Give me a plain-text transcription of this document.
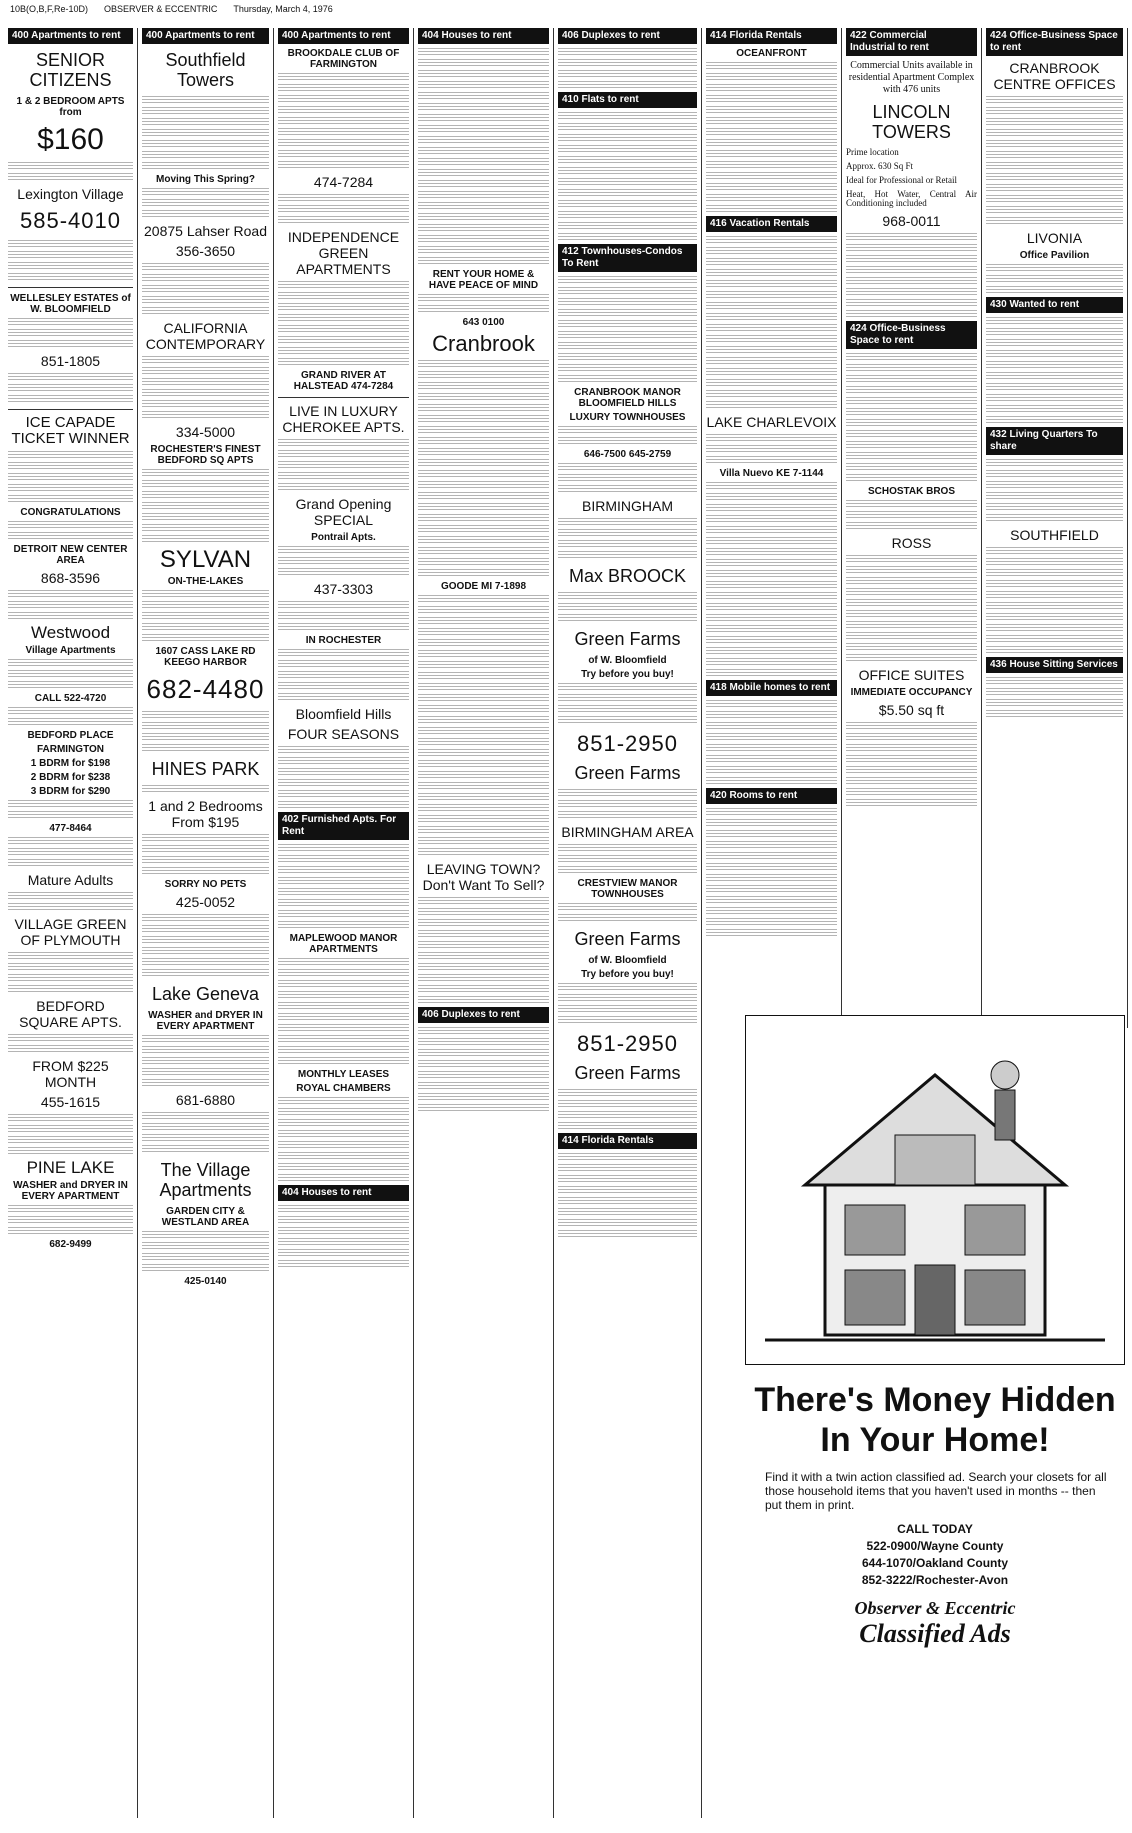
10B(O,B,F,Re-10D) OBSERVER & ECCENTRIC Thursday, March 4, 1976
400 Apartments to rent
SENIOR CITIZENS
1 & 2 BEDROOM APTS from
$160
Lexington Village
585-4010
WELLESLEY ESTATES of W. BLOOMFIELD
851-1805
ICE CAPADE TICKET WINNER
CONGRATULATIONS
DETROIT NEW CENTER AREA
868-3596
Westwood
Village Apartments
CALL 522-4720
BEDFORD PLACE
FARMINGTON
1 BDRM for $198
2 BDRM for $238
3 BDRM for $290
477-8464
Mature Adults
VILLAGE GREEN OF PLYMOUTH
BEDFORD SQUARE APTS.
FROM $225 MONTH
455-1615
PINE LAKE
WASHER and DRYER IN EVERY APARTMENT
682-9499
400 Apartments to rent
Southfield Towers
Moving This Spring?
20875 Lahser Road
356-3650
CALIFORNIA CONTEMPORARY
334-5000
ROCHESTER'S FINEST BEDFORD SQ APTS
SYLVAN
ON-THE-LAKES
1607 CASS LAKE RD KEEGO HARBOR
682-4480
HINES PARK
1 and 2 Bedrooms From $195
SORRY NO PETS
425-0052
Lake Geneva
WASHER and DRYER IN EVERY APARTMENT
681-6880
The Village Apartments
GARDEN CITY & WESTLAND AREA
425-0140
400 Apartments to rent
BROOKDALE CLUB OF FARMINGTON
474-7284
INDEPENDENCE GREEN APARTMENTS
GRAND RIVER AT HALSTEAD 474-7284
LIVE IN LUXURY CHEROKEE APTS.
Grand Opening SPECIAL
Pontrail Apts.
437-3303
IN ROCHESTER
Bloomfield Hills
FOUR SEASONS
402 Furnished Apts. For Rent
MAPLEWOOD MANOR APARTMENTS
MONTHLY LEASES
ROYAL CHAMBERS
404 Houses to rent
404 Houses to rent
RENT YOUR HOME & HAVE PEACE OF MIND
643 0100
Cranbrook
GOODE MI 7-1898
LEAVING TOWN? Don't Want To Sell?
406 Duplexes to rent
406 Duplexes to rent
410 Flats to rent
412 Townhouses-Condos To Rent
CRANBROOK MANOR BLOOMFIELD HILLS
LUXURY TOWNHOUSES
646-7500 645-2759
BIRMINGHAM
Max BROOCK
Green Farms
of W. Bloomfield
Try before you buy!
851-2950
Green Farms
BIRMINGHAM AREA
CRESTVIEW MANOR TOWNHOUSES
Green Farms
of W. Bloomfield
Try before you buy!
851-2950
Green Farms
414 Florida Rentals
414 Florida Rentals
OCEANFRONT
416 Vacation Rentals
LAKE CHARLEVOIX
Villa Nuevo KE 7-1144
418 Mobile homes to rent
420 Rooms to rent
422 Commercial Industrial to rent
Commercial Units available in residential Apartment Complex with 476 units
LINCOLN TOWERS
Prime location
Approx. 630 Sq Ft
Ideal for Professional or Retail
Heat, Hot Water, Central Air Conditioning included
968-0011
424 Office-Business Space to rent
SCHOSTAK BROS
ROSS
OFFICE SUITES
IMMEDIATE OCCUPANCY
$5.50 sq ft
424 Office-Business Space to rent
CRANBROOK CENTRE OFFICES
LIVONIA
Office Pavilion
430 Wanted to rent
432 Living Quarters To share
SOUTHFIELD
436 House Sitting Services
There's Money Hidden In Your Home!
Find it with a twin action classified ad. Search your closets for all those household items that you haven't used in months -- then put them in print.
CALL TODAY
522-0900/Wayne County
644-1070/Oakland County
852-3222/Rochester-Avon
Observer & Eccentric
Classified Ads
